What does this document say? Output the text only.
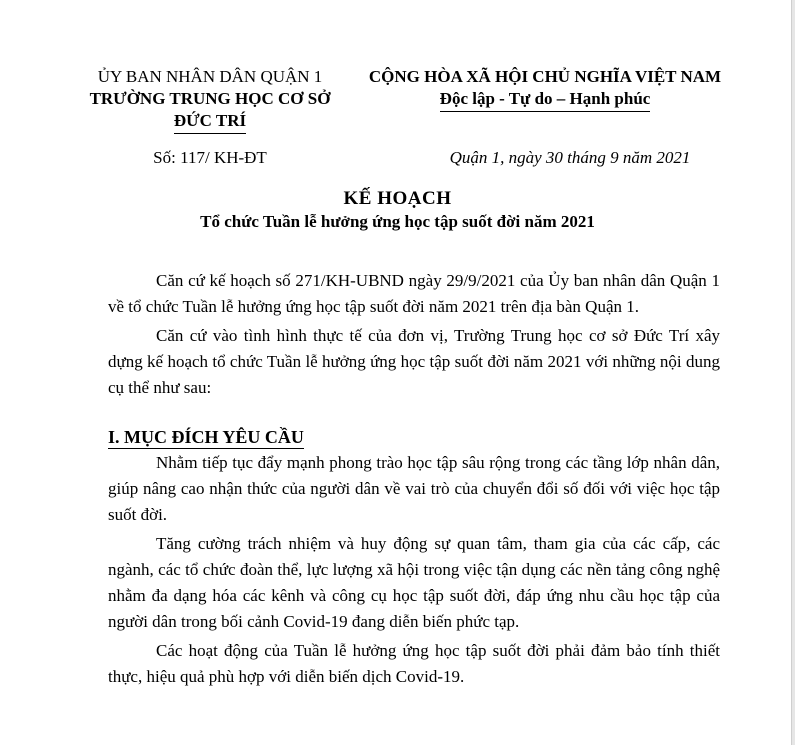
ỦY BAN NHÂN DÂN QUẬN 1
TRƯỜNG TRUNG HỌC CƠ SỞ
ĐỨC TRÍ
CỘNG HÒA XÃ HỘI CHỦ NGHĨA VIỆT NAM
Độc lập - Tự do – Hạnh phúc
Số: 117/ KH-ĐT	Quận 1, ngày 30 tháng 9 năm 2021
KẾ HOẠCH
Tổ chức Tuần lễ hưởng ứng học tập suốt đời năm 2021

Căn cứ kế hoạch số 271/KH-UBND ngày 29/9/2021 của Ủy ban nhân dân Quận 1 về tổ chức Tuần lễ hưởng ứng học tập suốt đời năm 2021 trên địa bàn Quận 1.

Căn cứ vào tình hình thực tế của đơn vị, Trường Trung học cơ sở Đức Trí xây dựng kế hoạch tổ chức Tuần lễ hưởng ứng học tập suốt đời năm 2021 với những nội dung cụ thể như sau:

I. MỤC ĐÍCH YÊU CẦU

Nhằm tiếp tục đẩy mạnh phong trào học tập sâu rộng trong các tầng lớp nhân dân, giúp nâng cao nhận thức của người dân về vai trò của chuyển đổi số đối với việc học tập suốt đời.

Tăng cường trách nhiệm và huy động sự quan tâm, tham gia của các cấp, các ngành, các tổ chức đoàn thể, lực lượng xã hội trong việc tận dụng các nền tảng công nghệ nhằm đa dạng hóa các kênh và công cụ học tập suốt đời, đáp ứng nhu cầu học tập của người dân trong bối cảnh Covid-19 đang diễn biến phức tạp.

Các hoạt động của Tuần lễ hưởng ứng học tập suốt đời phải đảm bảo tính thiết thực, hiệu quả phù hợp với diễn biến dịch Covid-19.
